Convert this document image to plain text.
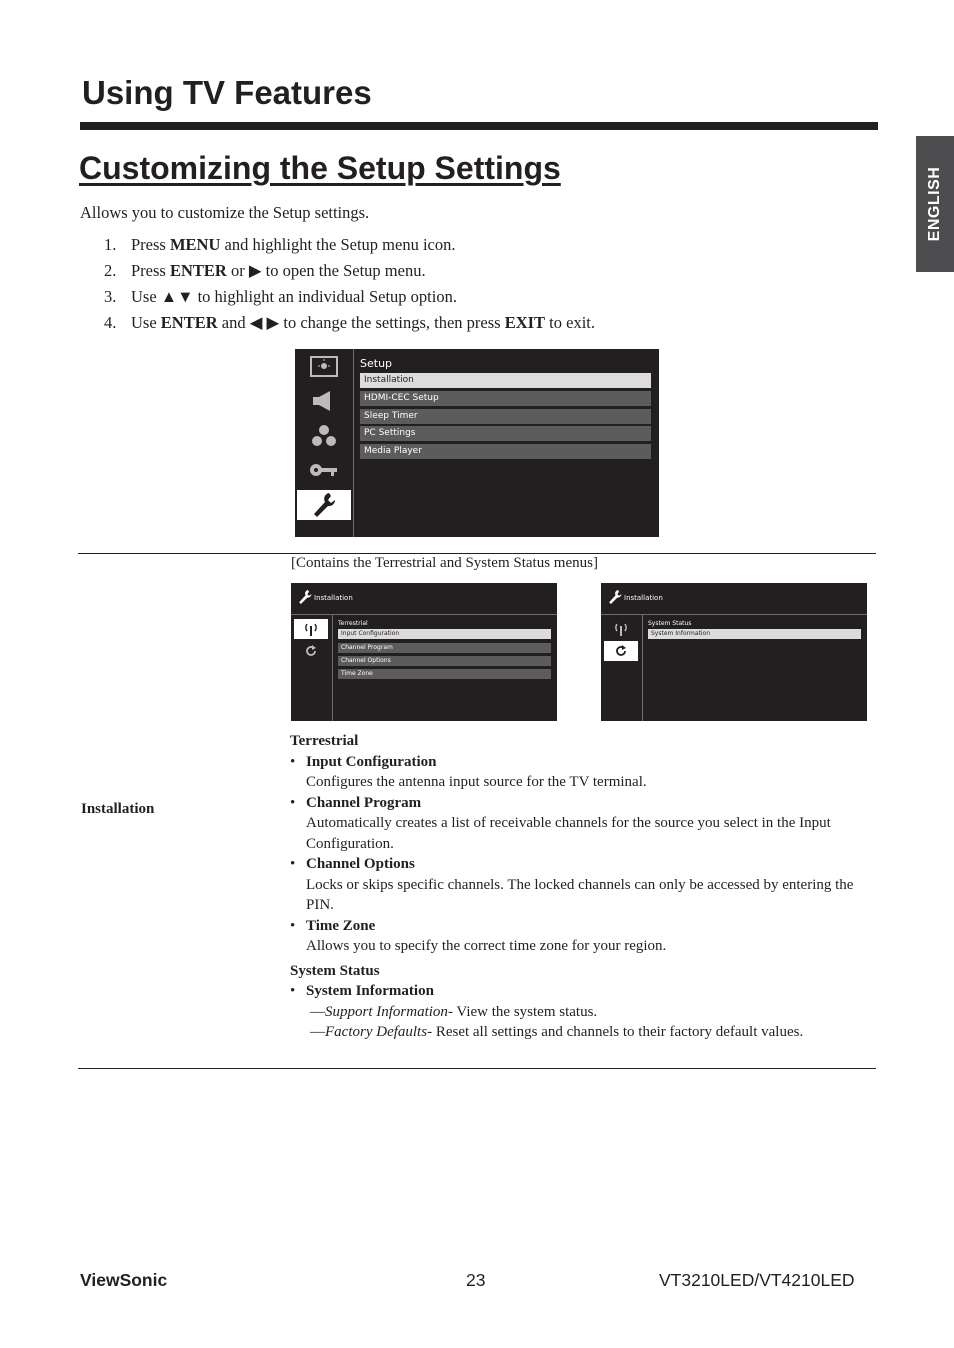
Using TV Features
ENGLISH
Customizing the Setup Settings

Allows you to customize the Setup settings.

1. Press MENU and highlight the Setup menu icon.
2. Press ENTER or ▶ to open the Setup menu.
3. Use ▲▼ to highlight an individual Setup option.
4. Use ENTER and ◀ ▶ to change the settings, then press EXIT to exit.
Setup
Installation
HDMI-CEC Setup
Sleep Timer
PC Settings
Media Player
[Contains the Terrestrial and System Status menus]
Installation
Installation
Terrestrial
Input Configuration
Channel Program
Channel Options
Time Zone
Installation
System Status
System Information
Terrestrial
• Input Configuration
Configures the antenna input source for the TV terminal.
• Channel Program
Automatically creates a list of receivable channels for the source you select in the Input Configuration.
• Channel Options
Locks or skips specific channels. The locked channels can only be accessed by entering the PIN.
• Time Zone
Allows you to specify the correct time zone for your region.
System Status
• System Information
—Support Information- View the system status.
—Factory Defaults- Reset all settings and channels to their factory default values.
ViewSonic	23	VT3210LED/VT4210LED
